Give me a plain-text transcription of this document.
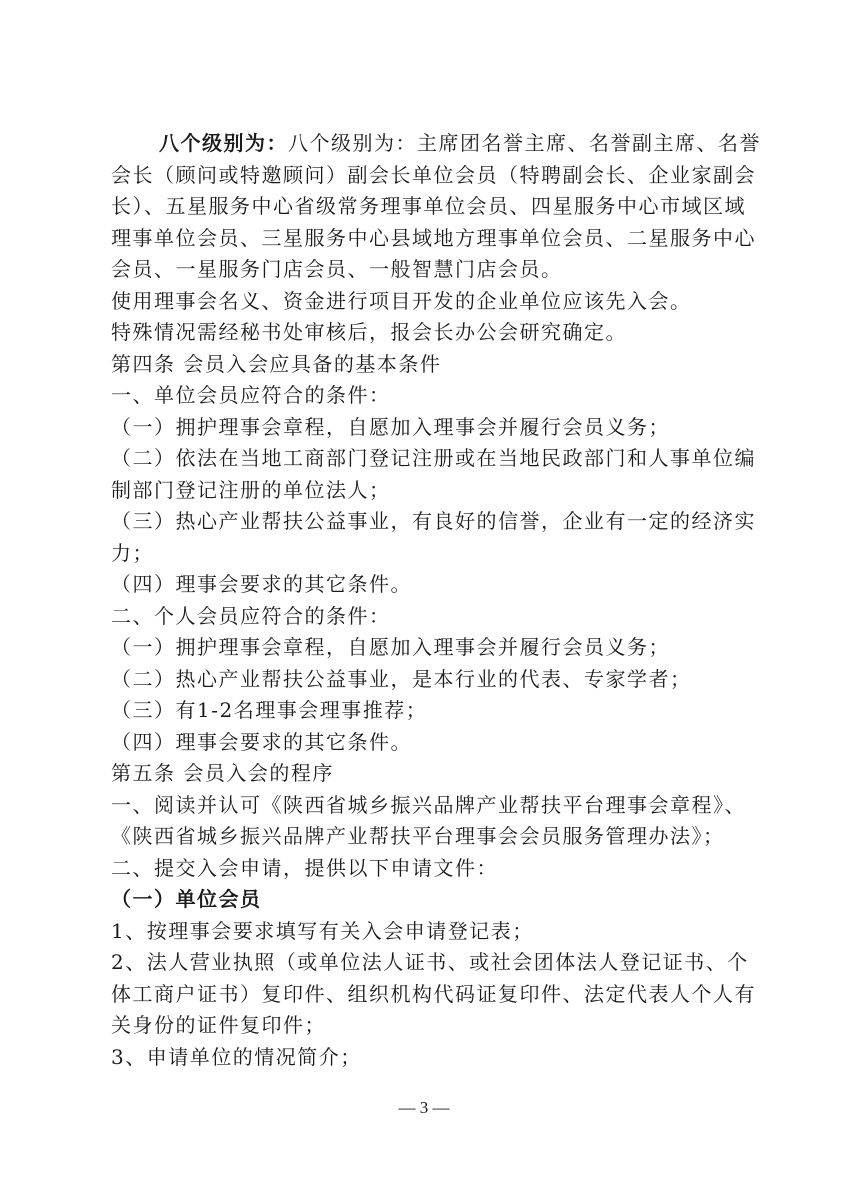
八个级别为：八个级别为：主席团名誉主席、名誉副主席、名誉会长（顾问或特邀顾问）副会长单位会员（特聘副会长、企业家副会长）、五星服务中心省级常务理事单位会员、四星服务中心市域区域理事单位会员、三星服务中心县域地方理事单位会员、二星服务中心会员、一星服务门店会员、一般智慧门店会员。

使用理事会名义、资金进行项目开发的企业单位应该先入会。

特殊情况需经秘书处审核后，报会长办公会研究确定。

第四条 会员入会应具备的基本条件

一、单位会员应符合的条件：

（一）拥护理事会章程，自愿加入理事会并履行会员义务；

（二）依法在当地工商部门登记注册或在当地民政部门和人事单位编制部门登记注册的单位法人；

（三）热心产业帮扶公益事业，有良好的信誉，企业有一定的经济实力；

（四）理事会要求的其它条件。

二、个人会员应符合的条件：

（一）拥护理事会章程，自愿加入理事会并履行会员义务；

（二）热心产业帮扶公益事业，是本行业的代表、专家学者；

（三）有1-2名理事会理事推荐；

（四）理事会要求的其它条件。

第五条 会员入会的程序

一、阅读并认可《陕西省城乡振兴品牌产业帮扶平台理事会章程》、《陕西省城乡振兴品牌产业帮扶平台理事会会员服务管理办法》；

二、提交入会申请，提供以下申请文件：

（一）单位会员

1、按理事会要求填写有关入会申请登记表；

2、法人营业执照（或单位法人证书、或社会团体法人登记证书、个体工商户证书）复印件、组织机构代码证复印件、法定代表人个人有关身份的证件复印件；

3、申请单位的情况简介；

— 3 —
